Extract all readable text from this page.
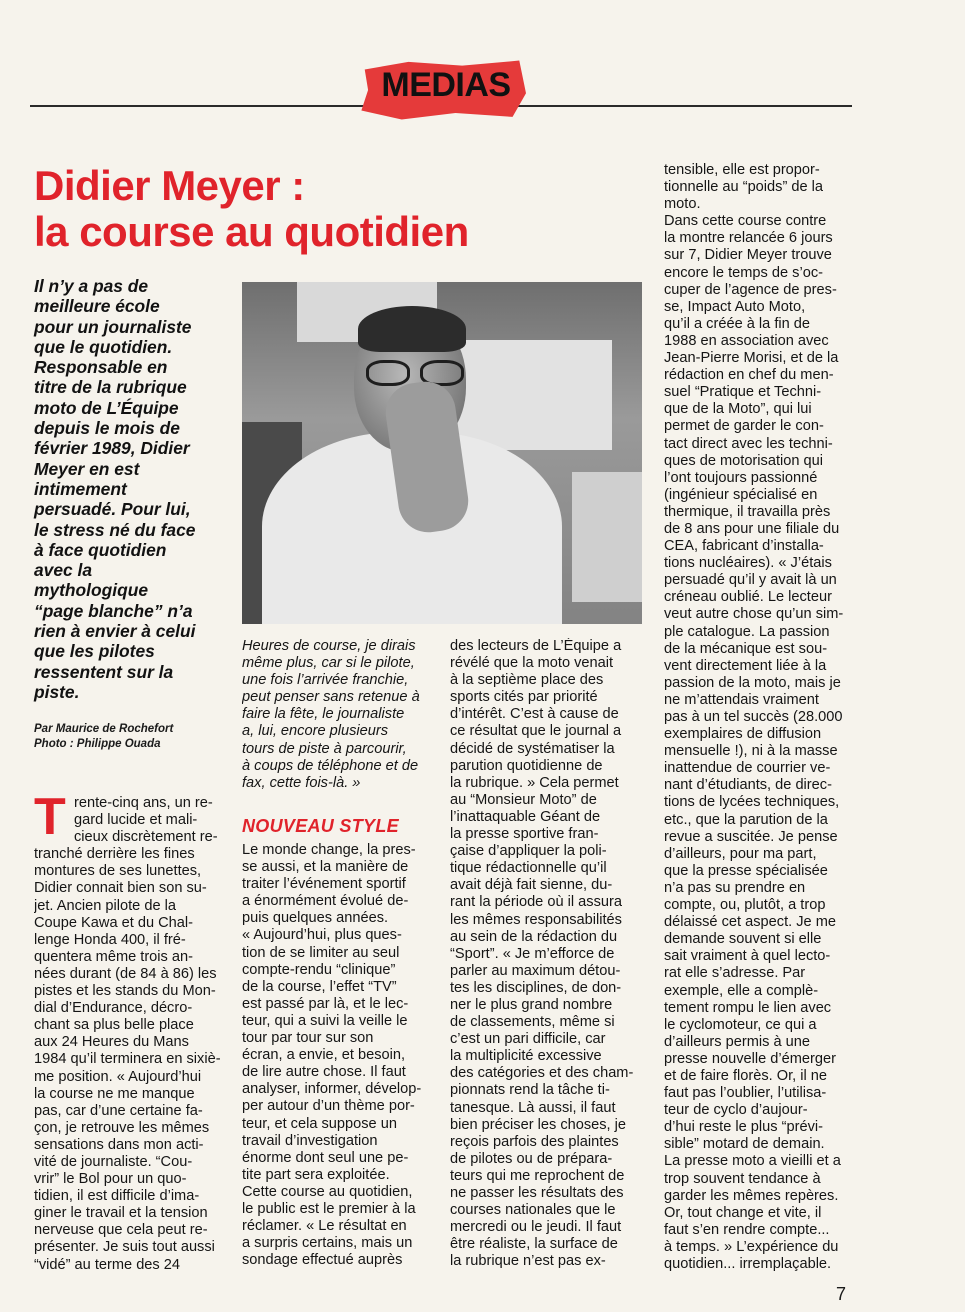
MEDIAS
Didier Meyer :
la course au quotidien
Il n’y a pas de
meilleure école
pour un journaliste
que le quotidien.
Responsable en
titre de la rubrique
moto de L’Équipe
depuis le mois de
février 1989, Didier
Meyer en est
intimement
persuadé. Pour lui,
le stress né du face
à face quotidien
avec la
mythologique
“page blanche” n’a
rien à envier à celui
que les pilotes
ressentent sur la
piste.
Par Maurice de Rochefort
Photo : Philippe Ouada
T rente-cinq ans, un re-
gard lucide et mali-
cieux discrètement re-
tranché derrière les fines
montures de ses lunettes,
Didier connait bien son su-
jet. Ancien pilote de la
Coupe Kawa et du Chal-
lenge Honda 400, il fré-
quentera même trois an-
nées durant (de 84 à 86) les
pistes et les stands du Mon-
dial d’Endurance, décro-
chant sa plus belle place
aux 24 Heures du Mans
1984 qu’il terminera en sixiè-
me position. « Aujourd’hui
la course ne me manque
pas, car d’une certaine fa-
çon, je retrouve les mêmes
sensations dans mon acti-
vité de journaliste. “Cou-
vrir” le Bol pour un quo-
tidien, il est difficile d’ima-
giner le travail et la tension
nerveuse que cela peut re-
présenter. Je suis tout aussi
“vidé” au terme des 24
Heures de course, je dirais
même plus, car si le pilote,
une fois l’arrivée franchie,
peut penser sans retenue à
faire la fête, le journaliste
a, lui, encore plusieurs
tours de piste à parcourir,
à coups de téléphone et de
fax, cette fois-là. »
NOUVEAU STYLE
Le monde change, la pres-
se aussi, et la manière de
traiter l’événement sportif
a énormément évolué de-
puis quelques années.
« Aujourd’hui, plus ques-
tion de se limiter au seul
compte-rendu “clinique”
de la course, l’effet “TV”
est passé par là, et le lec-
teur, qui a suivi la veille le
tour par tour sur son
écran, a envie, et besoin,
de lire autre chose. Il faut
analyser, informer, dévelop-
per autour d’un thème por-
teur, et cela suppose un
travail d’investigation
énorme dont seul une pe-
tite part sera exploitée.
Cette course au quotidien,
le public est le premier à la
réclamer. « Le résultat en
a surpris certains, mais un
sondage effectué auprès
des lecteurs de L’Équipe a
révélé que la moto venait
à la septième place des
sports cités par priorité
d’intérêt. C’est à cause de
ce résultat que le journal a
décidé de systématiser la
parution quotidienne de
la rubrique. » Cela permet
au “Monsieur Moto” de
l’inattaquable Géant de
la presse sportive fran-
çaise d’appliquer la poli-
tique rédactionnelle qu’il
avait déjà fait sienne, du-
rant la période où il assura
les mêmes responsabilités
au sein de la rédaction du
“Sport”. « Je m’efforce de
parler au maximum détou-
tes les disciplines, de don-
ner le plus grand nombre
de classements, même si
c’est un pari difficile, car
la multiplicité excessive
des catégories et des cham-
pionnats rend la tâche ti-
tanesque. Là aussi, il faut
bien préciser les choses, je
reçois parfois des plaintes
de pilotes ou de prépara-
teurs qui me reprochent de
ne passer les résultats des
courses nationales que le
mercredi ou le jeudi. Il faut
être réaliste, la surface de
la rubrique n’est pas ex-
tensible, elle est propor-
tionnelle au “poids” de la
moto.
Dans cette course contre
la montre relancée 6 jours
sur 7, Didier Meyer trouve
encore le temps de s’oc-
cuper de l’agence de pres-
se, Impact Auto Moto,
qu’il a créée à la fin de
1988 en association avec
Jean-Pierre Morisi, et de la
rédaction en chef du men-
suel “Pratique et Techni-
que de la Moto”, qui lui
permet de garder le con-
tact direct avec les techni-
ques de motorisation qui
l’ont toujours passionné
(ingénieur spécialisé en
thermique, il travailla près
de 8 ans pour une filiale du
CEA, fabricant d’installa-
tions nucléaires). « J’étais
persuadé qu’il y avait là un
créneau oublié. Le lecteur
veut autre chose qu’un sim-
ple catalogue. La passion
de la mécanique est sou-
vent directement liée à la
passion de la moto, mais je
ne m’attendais vraiment
pas à un tel succès (28.000
exemplaires de diffusion
mensuelle !), ni à la masse
inattendue de courrier ve-
nant d’étudiants, de direc-
tions de lycées techniques,
etc., que la parution de la
revue a suscitée. Je pense
d’ailleurs, pour ma part,
que la presse spécialisée
n’a pas su prendre en
compte, ou, plutôt, a trop
délaissé cet aspect. Je me
demande souvent si elle
sait vraiment à quel lecto-
rat elle s’adresse. Par
exemple, elle a complè-
tement rompu le lien avec
le cyclomoteur, ce qui a
d’ailleurs permis à une
presse nouvelle d’émerger
et de faire florès. Or, il ne
faut pas l’oublier, l’utilisa-
teur de cyclo d’aujour-
d’hui reste le plus “prévi-
sible” motard de demain.
La presse moto a vieilli et a
trop souvent tendance à
garder les mêmes repères.
Or, tout change et vite, il
faut s’en rendre compte...
à temps. » L’expérience du
quotidien... irremplaçable.
7
